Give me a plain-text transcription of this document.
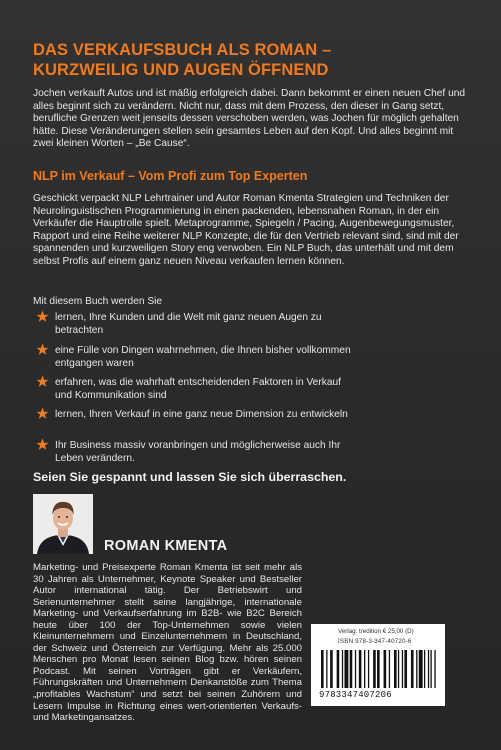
DAS VERKAUFSBUCH ALS ROMAN –
KURZWEILIG UND AUGEN ÖFFNEND
Jochen verkauft Autos und ist mäßig erfolgreich dabei. Dann bekommt er einen neuen Chef und alles beginnt sich zu verändern. Nicht nur, dass mit dem Prozess, den dieser in Gang setzt, berufliche Grenzen weit jenseits dessen verschoben werden, was Jochen für möglich gehalten hätte. Diese Veränderungen stellen sein gesamtes Leben auf den Kopf. Und alles beginnt mit zwei kleinen Worten – „Be Cause“.
NLP im Verkauf – Vom Profi zum Top Experten
Geschickt verpackt NLP Lehrtrainer und Autor Roman Kmenta Strategien und Techniken der Neurolinguistischen Programmierung in einen packenden, lebensnahen Roman, in der ein Verkäufer die Hauptrolle spielt. Metaprogramme, Spiegeln / Pacing, Augenbewegungsmuster, Rapport und eine Reihe weiterer NLP Konzepte, die für den Vertrieb relevant sind, sind mit der spannenden und kurzweiligen Story eng verwoben. Ein NLP Buch, das unterhält und mit dem selbst Profis auf einem ganz neuen Niveau verkaufen lernen können.
Mit diesem Buch werden Sie
lernen, Ihre Kunden und die Welt mit ganz neuen Augen zu betrachten
eine Fülle von Dingen wahrnehmen, die Ihnen bisher vollkommen entgangen waren
erfahren, was die wahrhaft entscheidenden Faktoren in Verkauf und Kommunikation sind
lernen, Ihren Verkauf in eine ganz neue Dimension zu entwickeln
Ihr Business massiv voranbringen und möglicherweise auch Ihr Leben verändern.
Seien Sie gespannt und lassen Sie sich überraschen.
ROMAN KMENTA
Marketing- und Preisexperte Roman Kmenta ist seit mehr als 30 Jahren als Unternehmer, Keynote Speaker und Bestseller Autor international tätig. Der Betriebswirt und Serienunternehmer stellt seine langjährige, internationale Marketing- und Verkaufserfahrung im B2B- wie B2C Bereich heute über 100 der Top-Unternehmen sowie vielen Kleinunternehmern und Einzelunternehmern in Deutschland, der Schweiz und Österreich zur Verfügung. Mehr als 25.000 Menschen pro Monat lesen seinen Blog bzw. hören seinen Podcast. Mit seinen Vorträgen gibt er Verkäufern, Führungskräften und Unternehmern Denkanstöße zum Thema „profitables Wachstum“ und setzt bei seinen Zuhörern und Lesern Impulse in Richtung eines wert-orientierten Verkaufs- und Marketingansatzes.
Verlag: tredition € 25,00 (D)
ISBN 978-3-347-40720-6
9783347407206
